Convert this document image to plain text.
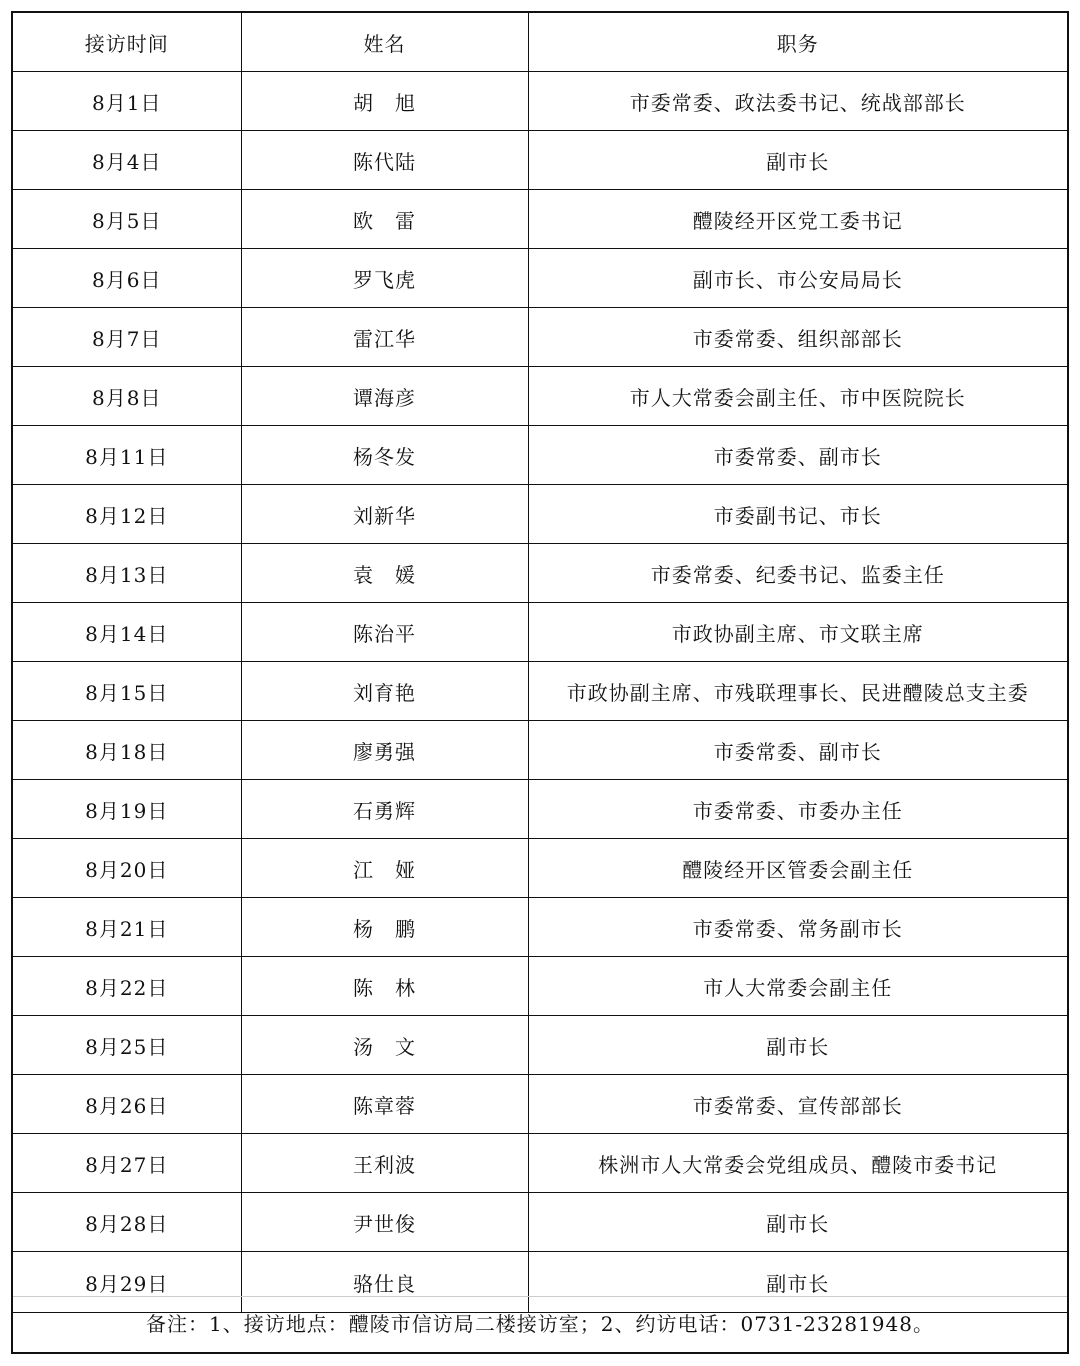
接访时间	姓名	职务
8月1日	胡　旭	市委常委、政法委书记、统战部部长
8月4日	陈代陆	副市长
8月5日	欧　雷	醴陵经开区党工委书记
8月6日	罗飞虎	副市长、市公安局局长
8月7日	雷江华	市委常委、组织部部长
8月8日	谭海彦	市人大常委会副主任、市中医院院长
8月11日	杨冬发	市委常委、副市长
8月12日	刘新华	市委副书记、市长
8月13日	袁　媛	市委常委、纪委书记、监委主任
8月14日	陈治平	市政协副主席、市文联主席
8月15日	刘育艳	市政协副主席、市残联理事长、民进醴陵总支主委
8月18日	廖勇强	市委常委、副市长
8月19日	石勇辉	市委常委、市委办主任
8月20日	江　娅	醴陵经开区管委会副主任
8月21日	杨　鹏	市委常委、常务副市长
8月22日	陈　林	市人大常委会副主任
8月25日	汤　文	副市长
8月26日	陈章蓉	市委常委、宣传部部长
8月27日	王利波	株洲市人大常委会党组成员、醴陵市委书记
8月28日	尹世俊	副市长
8月29日	骆仕良	副市长
备注：1、接访地点：醴陵市信访局二楼接访室；2、约访电话：0731-23281948。
